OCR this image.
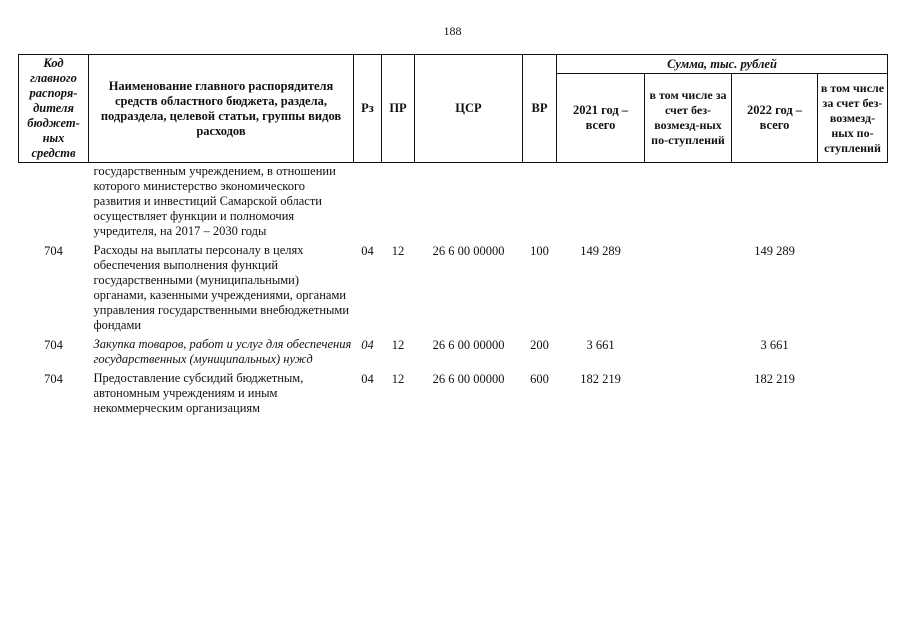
188
Код главного распоря-дителя бюджет-ных средств	Наименование главного распорядителя средств областного бюджета, раздела, подраздела, целевой статьи, группы видов расходов	Рз	ПР	ЦСР	ВР	Сумма, тыс. рублей			
						2021 год – всего	в том числе за счет без-возмезд-ных по-ступлений	2022 год – всего	в том числе за счет без-возмезд-ных по-ступлений
	государственным учреждением, в отношении которого министерство экономического развития и инвестиций Самарской области осуществляет функции и полномочия учредителя, на 2017 – 2030 годы								
704	Расходы на выплаты персоналу в целях обеспечения выполнения функций государственными (муниципальными) органами, казенными учреждениями, органами управления государственными внебюджетными фондами	04	12	26 6 00 00000	100	149 289		149 289	
704	Закупка товаров, работ и услуг для обеспечения государственных (муниципальных) нужд	04	12	26 6 00 00000	200	3 661		3 661	
704	Предоставление субсидий бюджетным, автономным учреждениям и иным некоммерческим организациям	04	12	26 6 00 00000	600	182 219		182 219	
